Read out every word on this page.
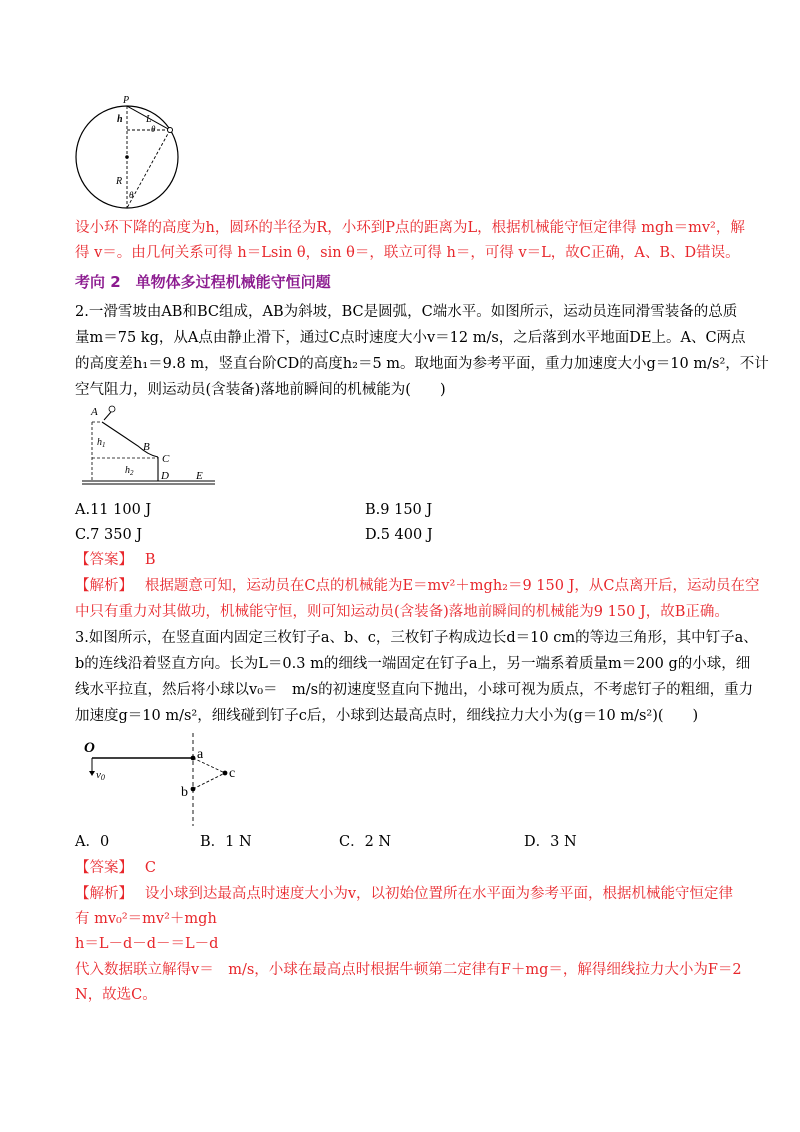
P
h L
θ
R
θ
设小环下降的高度为h，圆环的半径为R，小环到P点的距离为L，根据机械能守恒定律得 mgh＝mv²，解
得 v＝。由几何关系可得 h＝Lsin θ，sin θ＝，联立可得 h＝，可得 v＝L，故C正确，A、B、D错误。
考向 2　单物体多过程机械能守恒问题
2.一滑雪坡由AB和BC组成，AB为斜坡，BC是圆弧，C端水平。如图所示，运动员连同滑雪装备的总质
量m＝75 kg，从A点由静止滑下，通过C点时速度大小v＝12 m/s，之后落到水平地面DE上。A、C两点
的高度差h₁＝9.8 m，竖直台阶CD的高度h₂＝5 m。取地面为参考平面，重力加速度大小g＝10 m/s²，不计
空气阻力，则运动员(含装备)落地前瞬间的机械能为(　　)
A
$h_1$	B
C
$h_2$	D E
A.11 100 J	B.9 150 J
C.7 350 J	D.5 400 J
【答案】　 B
【解析】　 根据题意可知，运动员在C点的机械能为E＝mv²＋mgh₂＝9 150 J，从C点离开后，运动员在空
中只有重力对其做功，机械能守恒，则可知运动员(含装备)落地前瞬间的机械能为9 150 J，故B正确。
3.如图所示，在竖直面内固定三枚钉子a、b、c，三枚钉子构成边长d＝10 cm的等边三角形，其中钉子a、
b的连线沿着竖直方向。长为L＝0.3 m的细线一端固定在钉子a上，另一端系着质量m＝200 g的小球，细
线水平拉直，然后将小球以v₀＝　m/s的初速度竖直向下抛出，小球可视为质点，不考虑钉子的粗细，重力
加速度g＝10 m/s²，细线碰到钉子c后，小球到达最高点时，细线拉力大小为(g＝10 m/s²)(　　)
O
v0
a
b
c
A．0	B．1 N	C．2 N	D．3 N
【答案】　 C
【解析】　 设小球到达最高点时速度大小为v，以初始位置所在水平面为参考平面，根据机械能守恒定律
有 mv₀²＝mv²＋mgh
h＝L－d－d－＝L－d
代入数据联立解得v＝　m/s，小球在最高点时根据牛顿第二定律有F＋mg＝，解得细线拉力大小为F＝2
N，故选C。
